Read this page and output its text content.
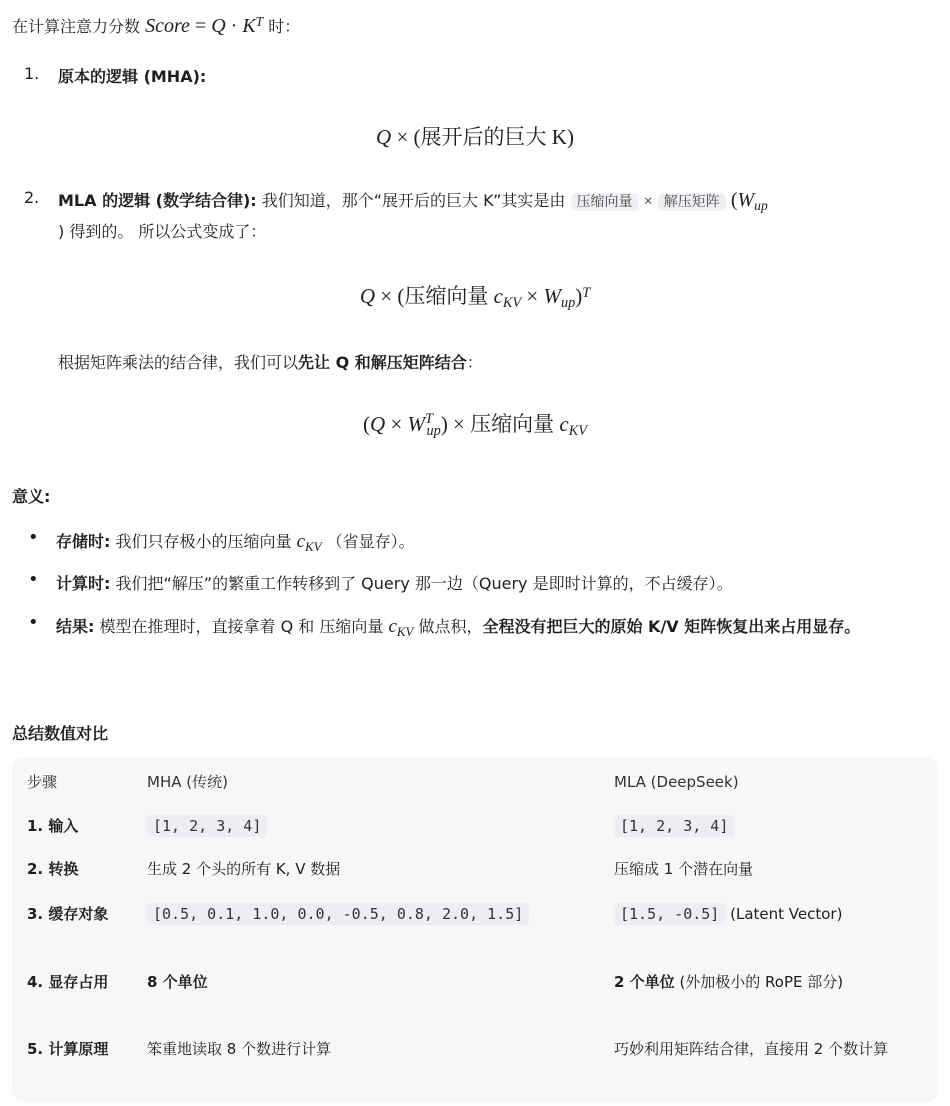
在计算注意力分数 Score = $Q \cdot K^T$ 时：
1. 原本的逻辑 (MHA):
Q × (展开后的巨大 K)
2. MLA 的逻辑 (数学结合律): 我们知道，那个“展开后的巨大 K”其实是由 压缩向量 × 解压矩阵 ($W_{up}$
) 得到的。 所以公式变成了：
Q × (压缩向量 $c_{KV} \times W_{up})^T$
根据矩阵乘法的结合律，我们可以先让 Q 和解压矩阵结合：
$(Q \times W^T_{up})$ × 压缩向量 $c_{KV}$
意义:
• 存储时: 我们只存极小的压缩向量 $c_{KV}$ （省显存）。
• 计算时: 我们把“解压”的繁重工作转移到了 Query 那一边（Query 是即时计算的，不占缓存）。
• 结果: 模型在推理时，直接拿着 Q 和 压缩向量 $c_{KV}$ 做点积，全程没有把巨大的原始 K/V 矩阵恢复出来占用显存。
总结数值对比
步骤	MHA (传统)	MLA (DeepSeek)
1. 输入	[1, 2, 3, 4]	[1, 2, 3, 4]
2. 转换	生成 2 个头的所有 K, V 数据	压缩成 1 个潜在向量
3. 缓存对象	[0.5, 0.1, 1.0, 0.0, -0.5, 0.8, 2.0, 1.5]	[1.5, -0.5] (Latent Vector)
4. 显存占用	8 个单位	2 个单位 (外加极小的 RoPE 部分)
5. 计算原理	笨重地读取 8 个数进行计算	巧妙利用矩阵结合律，直接用 2 个数计算
